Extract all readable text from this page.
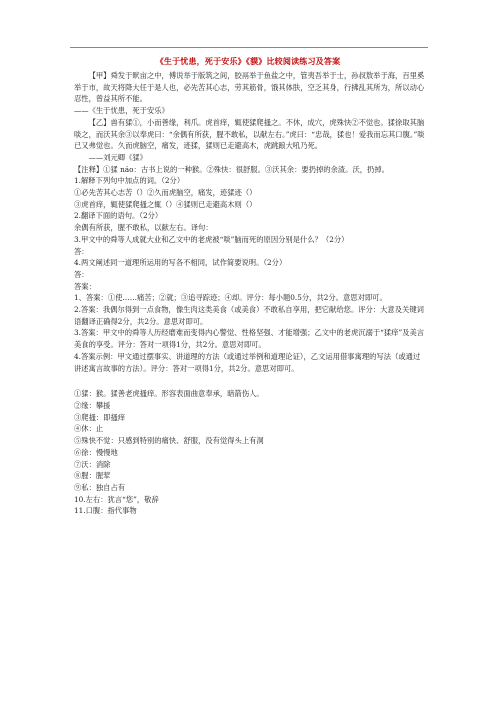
《生于忧患，死于安乐》《貘》比较阅读练习及答案

【甲】舜发于畎亩之中，傅说举于版筑之间，胶鬲举于鱼盐之中，管夷吾举于士，孙叔敖举于海，百里奚举于市，故天将降大任于是人也，必先苦其心志，劳其筋骨，饿其体肤，空乏其身，行拂乱其所为，所以动心忍性，曾益其所不能。

——《生于忧患，死于安乐》

【乙】兽有猱①，小而善缘，利爪。虎首痒，辄使猱爬搔之。不休，成穴，虎殊快②不觉也。猱徐取其脑啖之，而沃其余③以奉虎曰：“余偶有所获，腥不敢私，以献左右。”虎曰：“忠哉，猱也！爱我而忘其口腹。”啖已又弗觉也。久而虎脑空，痛发，迹猱，猱则已走避高木，虎跳踉大吼乃死。

——刘元卿《猱》

【注释】①猱 náo：古书上说的一种猴。②殊快：很舒服。③沃其余：要扔掉的余渣。沃，扔掉。

1.解释下列句中加点的词。（2分）

①必先苦其心志苦（）②久而虎脑空，痛发，迹猱迹（）

③虎首痒，辄使猱爬搔之辄（）④猱则已走避高木则（）

2.翻译下面的语句。（2分）

余偶有所获，腥不敢私，以献左右。译句：

3.甲文中的舜等人成就大业和乙文中的老虎被“啖”脑而死的原因分别是什么？（2分）

答：

4.两文阐述同一道理所运用的写各不相同，试作简要说明。（2分）

答：

答案：

1、答案：①使……痛苦；②就；③追寻踪迹；④却。评分：每小题0.5分，共2分。意思对即可。

2.答案：我偶尔得到一点食物，像生肉这类美食（或美食）不敢私自享用，把它献给您。评分：大意及关键词语翻译正确得2分，共2分。意思对即可。

3.答案：甲文中的舜等人历经磨难而变得内心警觉、性格坚强、才能增强；乙文中的老虎沉溺于“猱痒”及美言美食的享受。评分：答对一项得1分，共2分。意思对即可。

4.答案示例：甲文通过摆事实、讲道理的方法（或通过举例和道理论证），乙文运用借事寓理的写法（或通过讲述寓言故事的方法）。评分：答对一项得1分，共2分。意思对即可。

①猱：猴。猱善老虎搔痒。形容表面曲意奉承，暗箭伤人。

②缘：攀援

③爬搔：即搔痒

④休：止

⑤殊快不觉：只感到特别的痛快、舒服，没有觉得头上有洞

⑥徐：慢慢地

⑦沃：消除

⑧腥：腥荤

⑨私：独自占有

10.左右：犹言“您”，敬辞

11.口腹：指代事物
